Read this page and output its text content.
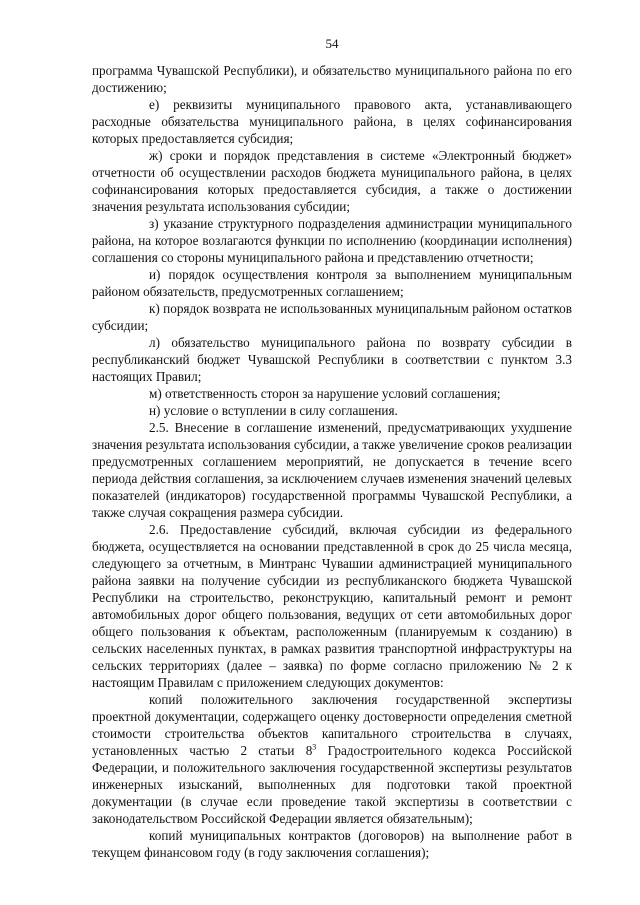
54

программа Чувашской Республики), и обязательство муниципального района по его достижению;

е) реквизиты муниципального правового акта, устанавливающего расходные обязательства муниципального района, в целях софинансирования которых предоставляется субсидия;

ж) сроки и порядок представления в системе «Электронный бюджет» отчетности об осуществлении расходов бюджета муниципального района, в целях софинансирования которых предоставляется субсидия, а также о достижении значения результата использования субсидии;

з) указание структурного подразделения администрации муниципального района, на которое возлагаются функции по исполнению (координации исполнения) соглашения со стороны муниципального района и представлению отчетности;

и) порядок осуществления контроля за выполнением муниципальным районом обязательств, предусмотренных соглашением;

к) порядок возврата не использованных муниципальным районом остатков субсидии;

л) обязательство муниципального района по возврату субсидии в республиканский бюджет Чувашской Республики в соответствии с пунктом 3.3 настоящих Правил;

м) ответственность сторон за нарушение условий соглашения;

н) условие о вступлении в силу соглашения.

2.5. Внесение в соглашение изменений, предусматривающих ухудшение значения результата использования субсидии, а также увеличение сроков реализации предусмотренных соглашением мероприятий, не допускается в течение всего периода действия соглашения, за исключением случаев изменения значений целевых показателей (индикаторов) государственной программы Чувашской Республики, а также случая сокращения размера субсидии.

2.6. Предоставление субсидий, включая субсидии из федерального бюджета, осуществляется на основании представленной в срок до 25 числа месяца, следующего за отчетным, в Минтранс Чувашии администрацией муниципального района заявки на получение субсидии из республиканского бюджета Чувашской Республики на строительство, реконструкцию, капитальный ремонт и ремонт автомобильных дорог общего пользования, ведущих от сети автомобильных дорог общего пользования к объектам, расположенным (планируемым к созданию) в сельских населенных пунктах, в рамках развития транспортной инфраструктуры на сельских территориях (далее – заявка) по форме согласно приложению № 2 к настоящим Правилам с приложением следующих документов:

копий положительного заключения государственной экспертизы проектной документации, содержащего оценку достоверности определения сметной стоимости строительства объектов капитального строительства в случаях, установленных частью 2 статьи $8^3$ Градостроительного кодекса Российской Федерации, и положительного заключения государственной экспертизы результатов инженерных изысканий, выполненных для подготовки такой проектной документации (в случае если проведение такой экспертизы в соответствии с законодательством Российской Федерации является обязательным);

копий муниципальных контрактов (договоров) на выполнение работ в текущем финансовом году (в году заключения соглашения);
